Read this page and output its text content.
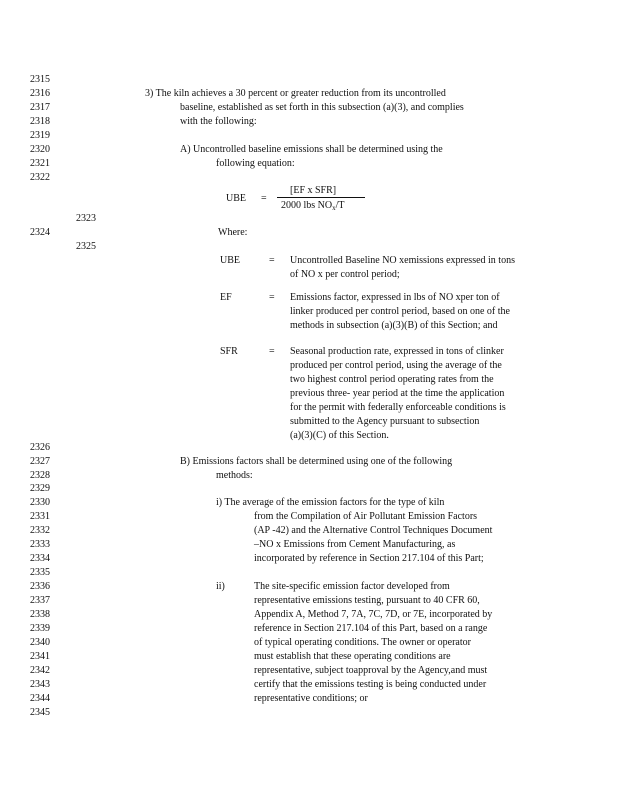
2315
2316
2317
2318
2319
2320
2321
2322
2323
2324
2325
2326
2327
2328
2329
2330
2331
2332
2333
2334
2335
2336
2337
2338
2339
2340
2341
2342
2343
2344
2345
3) The kiln achieves a 30 percent or greater reduction from its uncontrolled
baseline, established as set forth in this subsection (a)(3), and complies
with the following:
A) Uncontrolled baseline emissions shall be determined using the
following equation:
UBE =
[EF x SFR]
2000 lbs $NO_x/T$
Where:
UBE	= Uncontrolled Baseline NO xemissions expressed in tons
of NO x per control period;
EF	= Emissions factor, expressed in lbs of NO xper ton of
linker produced per control period, based on one of the
methods in subsection (a)(3)(B) of this Section; and
SFR	= Seasonal production rate, expressed in tons of clinker
produced per control period, using the average of the
two highest control period operating rates from the
previous three- year period at the time the application
for the permit with federally enforceable conditions is
submitted to the Agency pursuant to subsection
(a)(3)(C) of this Section.
B) Emissions factors shall be determined using one of the following
methods:
i) The average of the emission factors for the type of kiln
from the Compilation of Air Pollutant Emission Factors
(AP -42) and the Alternative Control Techniques Document
–NO x Emissions from Cement Manufacturing, as
incorporated by reference in Section 217.104 of this Part;
ii)	The site-specific emission factor developed from
representative emissions testing, pursuant to 40 CFR 60,
Appendix A, Method 7, 7A, 7C, 7D, or 7E, incorporated by
reference in Section 217.104 of this Part, based on a range
of typical operating conditions. The owner or operator
must establish that these operating conditions are
representative, subject toapproval by the Agency,and must
certify that the emissions testing is being conducted under
representative conditions; or
